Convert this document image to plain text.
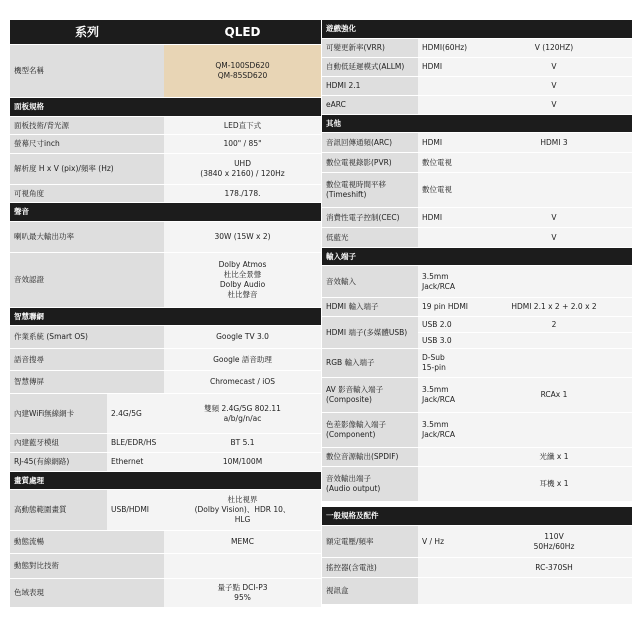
系列		QLED
機型名稱		QM-100SD620
QM-85SD620
面板規格		
面板技術/背光源		LED直下式
螢幕尺寸inch		100" / 85"
解析度 H x V (pix)/頻率 (Hz)		UHD
(3840 x 2160) / 120Hz
可視角度		178./178.
聲音		
喇叭最大輸出功率		30W (15W x 2)
音效認證		Dolby Atmos
杜比全景聲
Dolby Audio
杜比聲音
智慧聯網		
作業系統 (Smart OS)		Google TV 3.0
語音搜尋		Google 語音助理
智慧傳屏		Chromecast / iOS
內建WiFi無線網卡	2.4G/5G	雙頻 2.4G/5G 802.11
a/b/g/n/ac
內建藍牙模組	BLE/EDR/HS	BT 5.1
RJ-45(有線網路)	Ethernet	10M/100M
畫質處理		
高動態範圍畫質	USB/HDMI	杜比視界
(Dolby Vision)、HDR 10、
HLG
動態流暢		MEMC
動態對比技術		
色域表現		量子點 DCI-P3
95%
遊戲強化		
可變更新率(VRR)	HDMI(60Hz)	V (120HZ)
自動低延遲模式(ALLM)	HDMI	V
HDMI 2.1		V
eARC		V
其他		
音訊回傳通頻(ARC)	HDMI	HDMI 3
數位電視錄影(PVR)	數位電視	
數位電視時間平移
(Timeshift)	數位電視	
消費性電子控制(CEC)	HDMI	V
低藍光		V
輸入端子		
音效輸入	3.5mm
Jack/RCA	
HDMI 輸入端子	19 pin HDMI	HDMI 2.1 x 2 + 2.0 x 2
HDMI 端子(多媒體USB)	USB 2.0	2
	USB 3.0	
RGB 輸入端子	D-Sub
15-pin	
AV 影音輸入端子
(Composite)	3.5mm
Jack/RCA	RCAx 1
色差影像輸入端子
(Component)	3.5mm
Jack/RCA	
數位音源輸出(SPDIF)		光纖 x 1
音效輸出端子
(Audio output)		耳機 x 1

一般規格及配件		
額定電壓/頻率	V / Hz	110V
50Hz/60Hz
搖控器(含電池)		RC-370SH
視訊盒		
